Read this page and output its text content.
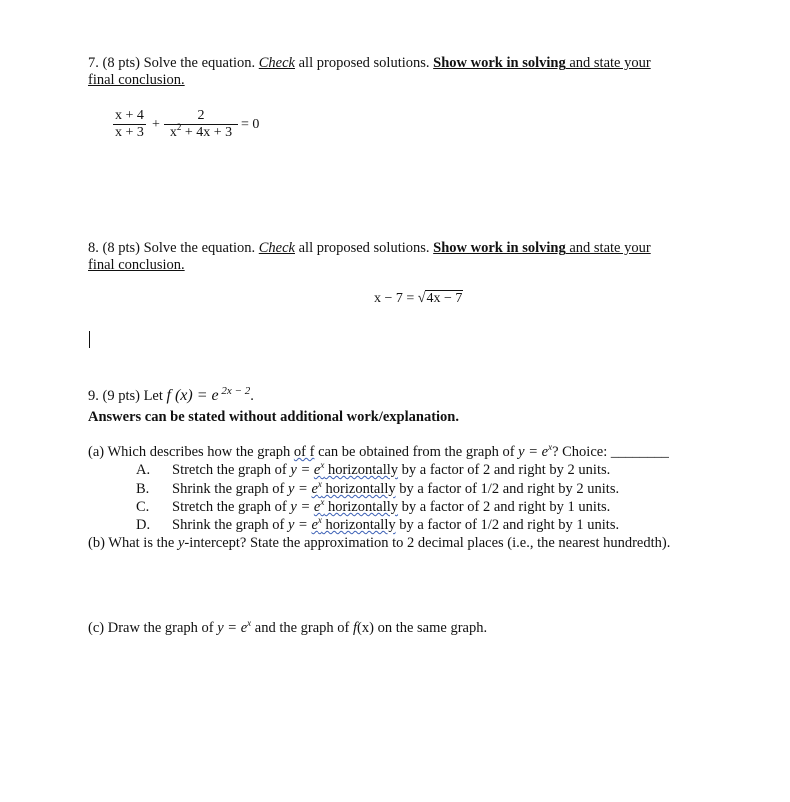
7. (8 pts) Solve the equation. Check all proposed solutions. Show work in solving and state your
final conclusion.
$\frac{x + 4}{x + 3} + \frac{2}{x^2 + 4x + 3} = 0$
8. (8 pts) Solve the equation. Check all proposed solutions. Show work in solving and state your
final conclusion.
x − 7 = √4x − 7
9. (9 pts) Let f (x) = e $^{2x - 2}$.
Answers can be stated without additional work/explanation.
(a) Which describes how the graph of f can be obtained from the graph of $y = e^x$? Choice: ________
A.	Stretch the graph of $y = e^x$ horizontally by a factor of 2 and right by 2 units.
B.	Shrink the graph of $y = e^x$ horizontally by a factor of 1/2 and right by 2 units.
C.	Stretch the graph of $y = e^x$ horizontally by a factor of 2 and right by 1 units.
D.	Shrink the graph of $y = e^x$ horizontally by a factor of 1/2 and right by 1 units.
(b) What is the y-intercept? State the approximation to 2 decimal places (i.e., the nearest hundredth).
(c) Draw the graph of $y = e^x$ and the graph of f(x) on the same graph.
